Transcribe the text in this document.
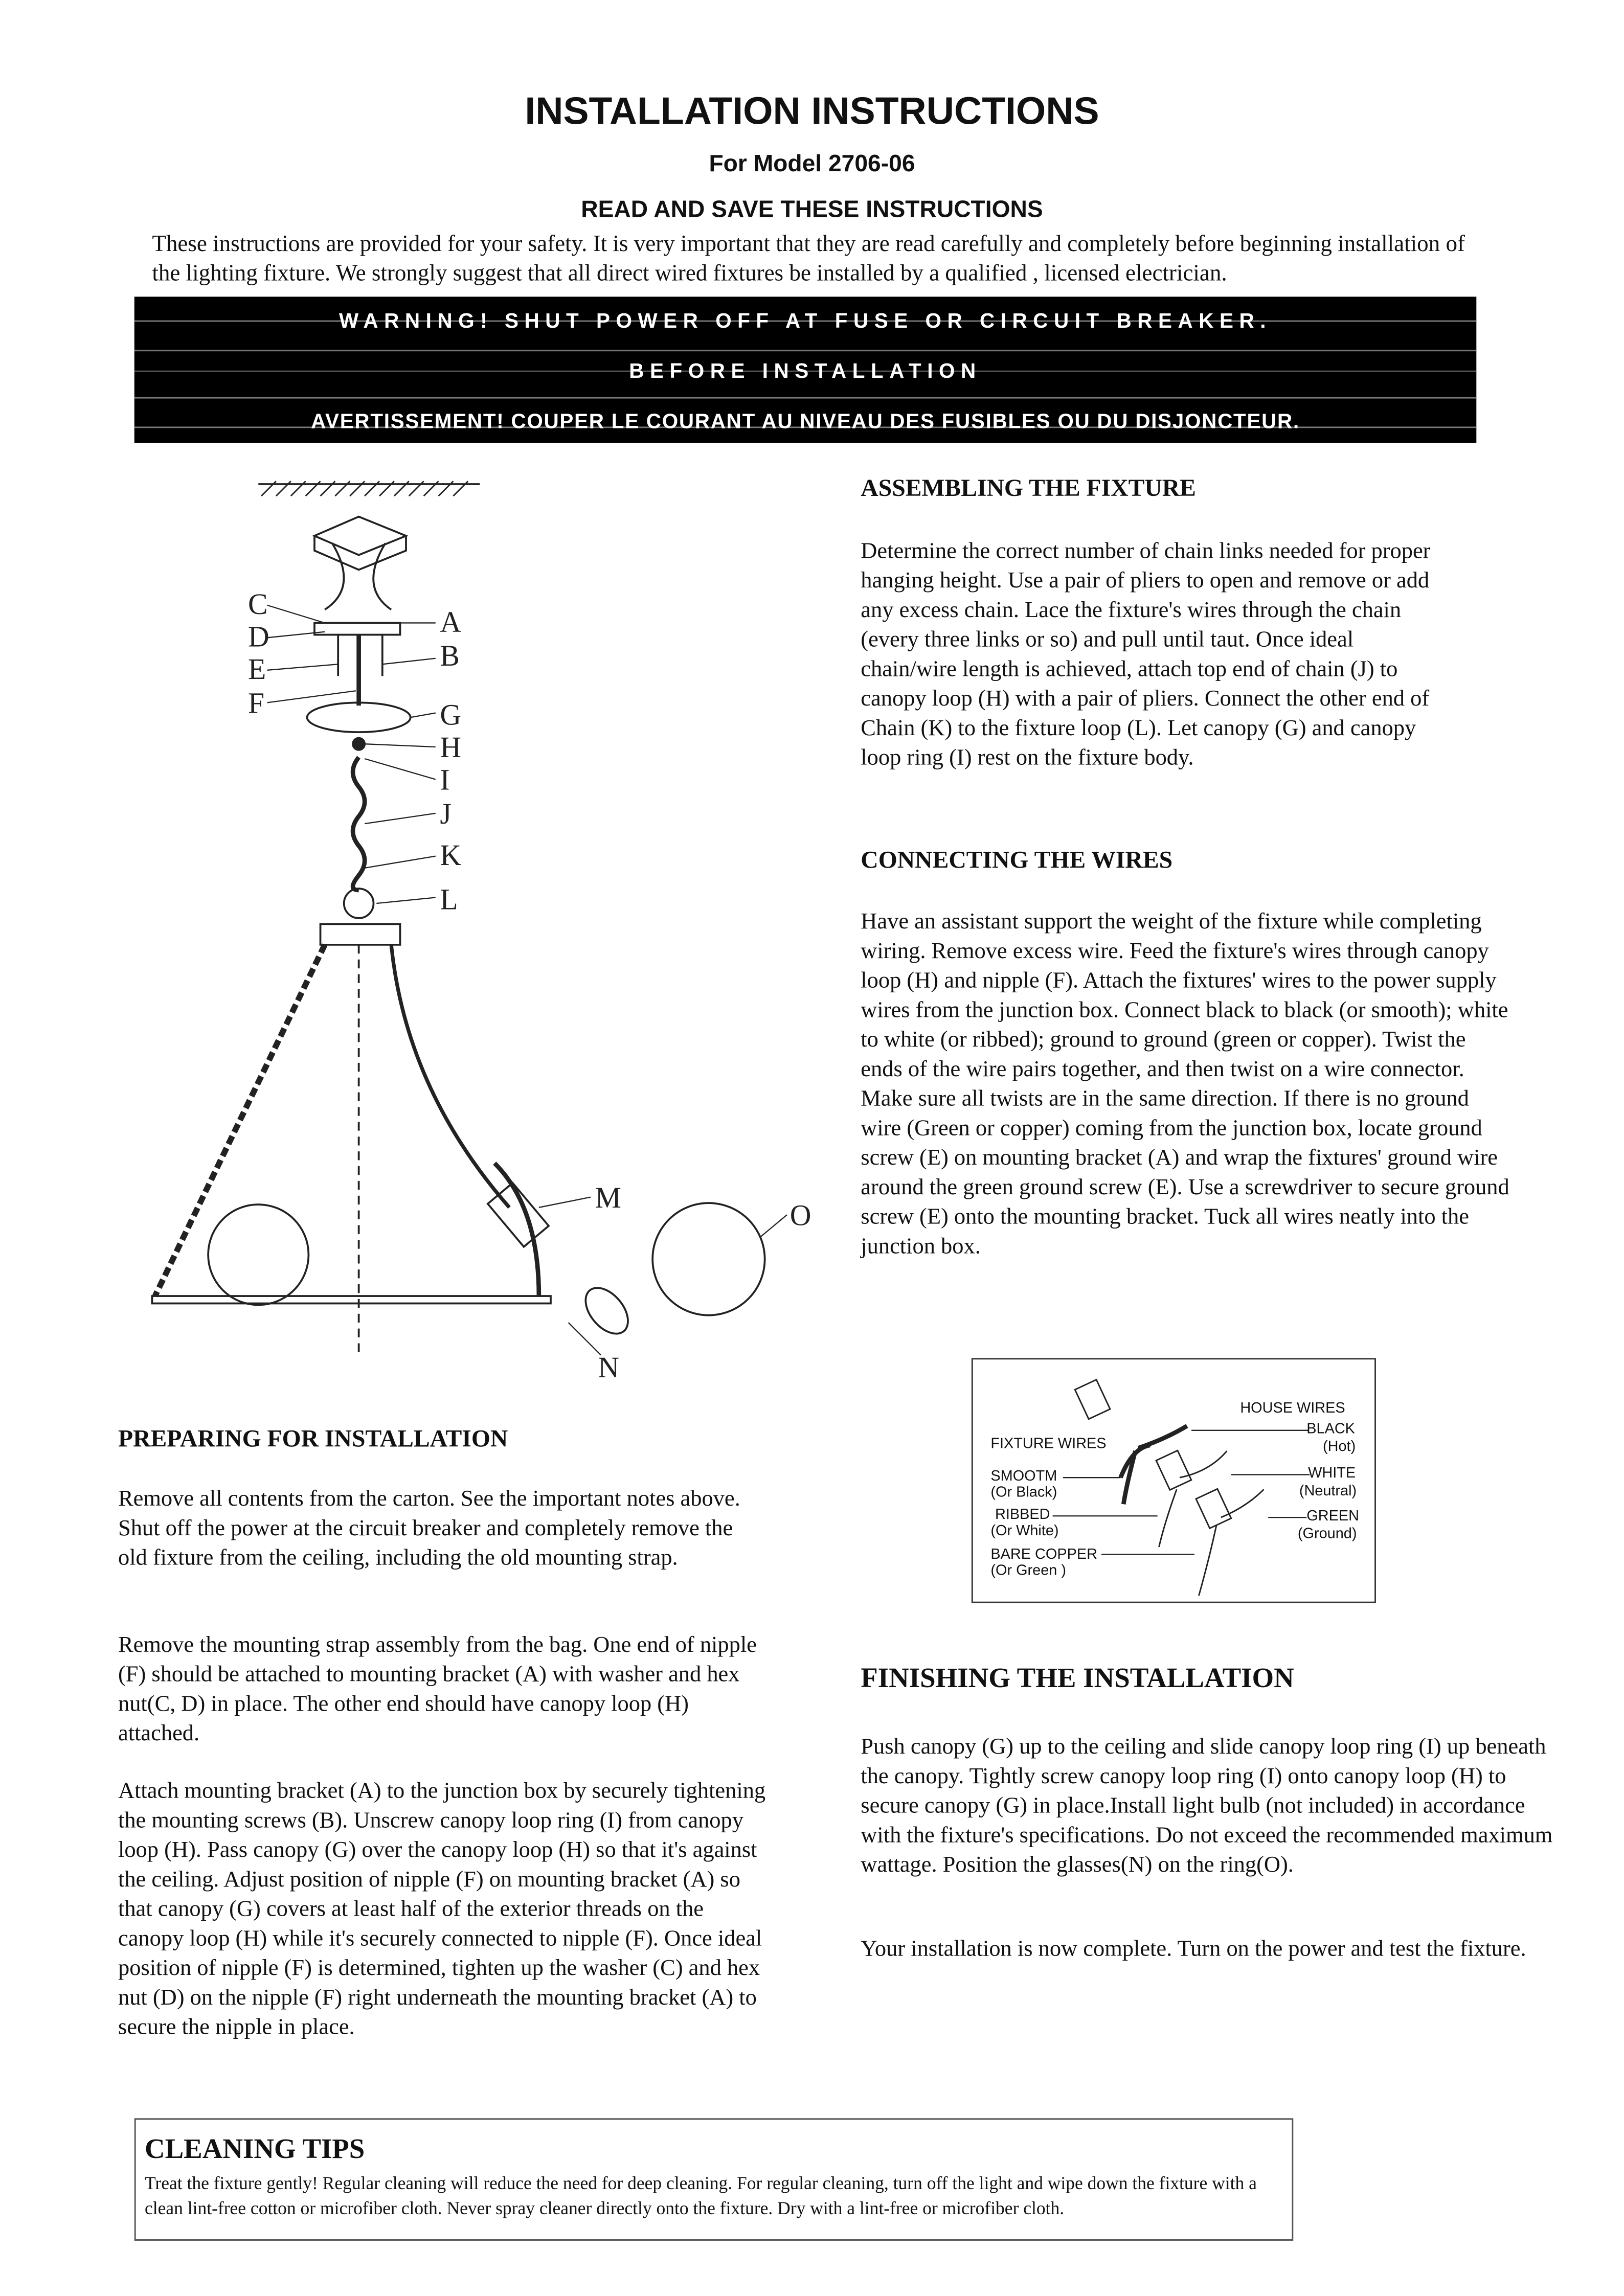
INSTALLATION INSTRUCTIONS
For Model 2706-06
READ AND SAVE THESE INSTRUCTIONS

These instructions are provided for your safety. It is very important that they are read carefully and completely before beginning installation of the lighting fixture. We strongly suggest that all direct wired fixtures be installed by a qualified , licensed electrician.

WARNING! SHUT POWER OFF AT FUSE OR CIRCUIT BREAKER.
BEFORE INSTALLATION
AVERTISSEMENT! COUPER LE COURANT AU NIVEAU DES FUSIBLES OU DU DISJONCTEUR.
C
D
E
F
A
B
G
H
I
J
K
L
M
N
O
ASSEMBLING THE FIXTURE

Determine the correct number of chain links needed for proper hanging height. Use a pair of pliers to open and remove or add any excess chain. Lace the fixture's wires through the chain (every three links or so) and pull until taut. Once ideal chain/wire length is achieved, attach top end of chain (J) to canopy loop (H) with a pair of pliers. Connect the other end of Chain (K) to the fixture loop (L). Let canopy (G) and canopy loop ring (I) rest on the fixture body.

CONNECTING THE WIRES

Have an assistant support the weight of the fixture while completing wiring. Remove excess wire. Feed the fixture's wires through canopy loop (H) and nipple (F). Attach the fixtures' wires to the power supply wires from the junction box. Connect black to black (or smooth); white to white (or ribbed); ground to ground (green or copper). Twist the ends of the wire pairs together, and then twist on a wire connector. Make sure all twists are in the same direction. If there is no ground wire (Green or copper) coming from the junction box, locate ground screw (E) on mounting bracket (A) and wrap the fixtures' ground wire around the green ground screw (E). Use a screwdriver to secure ground screw (E) onto the mounting bracket. Tuck all wires neatly into the junction box.

HOUSE WIRES
BLACK
(Hot)
WHITE
(Neutral)
GREEN
(Ground)
FIXTURE WIRES
SMOOTM
(Or Black)
RIBBED
(Or White)
BARE COPPER
(Or Green )
FINISHING THE INSTALLATION

Push canopy (G) up to the ceiling and slide canopy loop ring (I) up beneath the canopy. Tightly screw canopy loop ring (I) onto canopy loop (H) to secure canopy (G) in place.Install light bulb (not included) in accordance with the fixture's specifications. Do not exceed the recommended maximum wattage. Position the glasses(N) on the ring(O).

Your installation is now complete. Turn on the power and test the fixture.

PREPARING FOR INSTALLATION

Remove all contents from the carton. See the important notes above. Shut off the power at the circuit breaker and completely remove the old fixture from the ceiling, including the old mounting strap.

Remove the mounting strap assembly from the bag. One end of nipple (F) should be attached to mounting bracket (A) with washer and hex nut(C, D) in place. The other end should have canopy loop (H) attached.

Attach mounting bracket (A) to the junction box by securely tightening the mounting screws (B). Unscrew canopy loop ring (I) from canopy loop (H). Pass canopy (G) over the canopy loop (H) so that it's against the ceiling. Adjust position of nipple (F) on mounting bracket (A) so that canopy (G) covers at least half of the exterior threads on the canopy loop (H) while it's securely connected to nipple (F). Once ideal position of nipple (F) is determined, tighten up the washer (C) and hex nut (D) on the nipple (F) right underneath the mounting bracket (A) to secure the nipple in place.

CLEANING TIPS

Treat the fixture gently! Regular cleaning will reduce the need for deep cleaning. For regular cleaning, turn off the light and wipe down the fixture with a clean lint-free cotton or microfiber cloth. Never spray cleaner directly onto the fixture. Dry with a lint-free or microfiber cloth.
